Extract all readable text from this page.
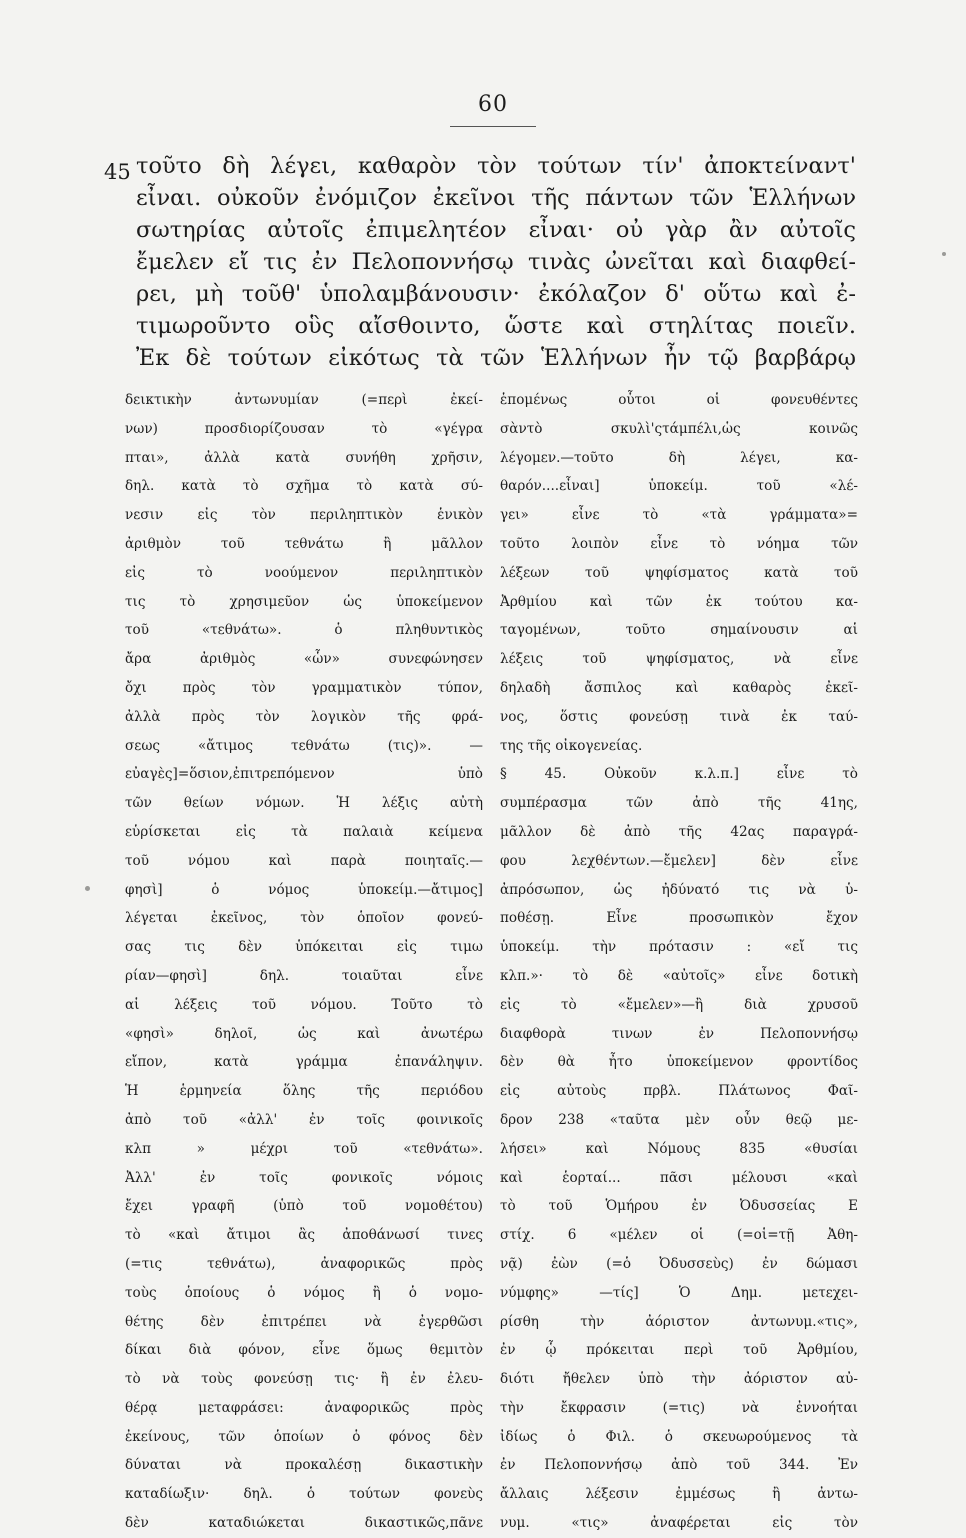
60
45 τοῦτο δὴ λέγει, καθαρὸν τὸν τούτων τίν' ἀποκτείναντ'
εἶναι. οὐκοῦν ἐνόμιζον ἐκεῖνοι τῆς πάντων τῶν Ἑλλήνων
σωτηρίας αὐτοῖς ἐπιμελητέον εἶναι· οὐ γὰρ ἂν αὐτοῖς
ἔμελεν εἴ τις ἐν Πελοποννήσῳ τινὰς ὠνεῖται καὶ διαφθεί-
ρει, μὴ τοῦθ' ὑπολαμβάνουσιν· ἐκόλαζον δ' οὕτω καὶ ἐ-
τιμωροῦντο οὓς αἴσθοιντο, ὥστε καὶ στηλίτας ποιεῖν.
Ἐκ δὲ τούτων εἰκότως τὰ τῶν Ἑλλήνων ἦν τῷ βαρβάρῳ
δεικτικὴν ἀντωνυμίαν (=περὶ ἐκεί-
νων) προσδιορίζουσαν τὸ «γέγρα
πται», ἀλλὰ κατὰ συνήθη χρῆσιν,
δηλ. κατὰ τὸ σχῆμα τὸ κατὰ σύ-
νεσιν εἰς τὸν περιληπτικὸν ἑνικὸν
ἀριθμὸν τοῦ τεθνάτω ἢ μᾶλλον
εἰς τὸ νοούμενον περιληπτικὸν
τις τὸ χρησιμεῦον ὡς ὑποκείμενον
τοῦ «τεθνάτω». ὁ πληθυντικὸς
ἄρα ἀριθμὸς «ὧν» συνεφώνησεν
ὄχι πρὸς τὸν γραμματικὸν τύπον,
ἀλλὰ πρὸς τὸν λογικὸν τῆς φρά-
σεως «ἄτιμος τεθνάτω (τις)». —
εὐαγὲς]=ὅσιον,ἐπιτρεπόμενον ὑπὸ
τῶν θείων νόμων. Ἡ λέξις αὐτὴ
εὑρίσκεται εἰς τὰ παλαιὰ κείμενα
τοῦ νόμου καὶ παρὰ ποιηταῖς.—
φησὶ] ὁ νόμος ὑποκείμ.—ἄτιμος]
λέγεται ἐκεῖνος, τὸν ὁποῖον φονεύ-
σας τις δὲν ὑπόκειται εἰς τιμω
ρίαν—φησὶ] δηλ. τοιαῦται εἶνε
αἱ λέξεις τοῦ νόμου. Τοῦτο τὸ
«φησὶ» δηλοῖ, ὡς καὶ ἀνωτέρω
εἴπον, κατὰ γράμμα ἐπανάληψιν.
Ἡ ἑρμηνεία ὅλης τῆς περιόδου
ἀπὸ τοῦ «ἀλλ' ἐν τοῖς φοινικοῖς
κλπ » μέχρι τοῦ «τεθνάτω».
Ἀλλ' ἐν τοῖς φονικοῖς νόμοις
ἔχει γραφῆ (ὑπὸ τοῦ νομοθέτου)
τὸ «καὶ ἄτιμοι ἂς ἀποθάνωσί τινες
(=τις τεθνάτω), ἀναφορικῶς πρὸς
τοὺς ὁποίους ὁ νόμος ἢ ὁ νομο-
θέτης δὲν ἐπιτρέπει νὰ ἐγερθῶσι
δίκαι διὰ φόνον, εἶνε ὅμως θεμιτὸν
τὸ νὰ τοὺς φονεύσῃ τις· ἢ ἐν ἐλευ-
θέρᾳ μεταφράσει: ἀναφορικῶς πρὸς
ἐκείνους, τῶν ὁποίων ὁ φόνος δὲν
δύναται νὰ προκαλέσῃ δικαστικὴν
καταδίωξιν· δηλ. ὁ τούτων φονεὺς
δὲν καταδιώκεται δικαστικῶς,πᾶνε
ἑπομένως οὗτοι οἱ φονευθέντες
σὰντὸ σκυλὶ'ςτάμπέλι,ὡς κοινῶς
λέγομεν.—τοῦτο δὴ λέγει, κα-
θαρόν....εἶναι] ὑποκείμ. τοῦ «λέ-
γει» εἶνε τὸ «τὰ γράμματα»=
τοῦτο λοιπὸν εἶνε τὸ νόημα τῶν
λέξεων τοῦ ψηφίσματος κατὰ τοῦ
Ἀρθμίου καὶ τῶν ἐκ τούτου κα-
ταγομένων, τοῦτο σημαίνουσιν αἱ
λέξεις τοῦ ψηφίσματος, νὰ εἶνε
δηλαδὴ ἄσπιλος καὶ καθαρὸς ἐκεῖ-
νος, ὅστις φονεύσῃ τινὰ ἐκ ταύ-
της τῆς οἰκογενείας.
§ 45. Οὐκοῦν κ.λ.π.] εἶνε τὸ
συμπέρασμα τῶν ἀπὸ τῆς 41ης,
μᾶλλον δὲ ἀπὸ τῆς 42ας παραγρά-
φου λεχθέντων.—ἔμελεν] δὲν εἶνε
ἀπρόσωπον, ὡς ἠδύνατό τις νὰ ὑ-
ποθέσῃ. Εἶνε προσωπικὸν ἔχον
ὑποκείμ. τὴν πρότασιν : «εἴ τις
κλπ.»· τὸ δὲ «αὐτοῖς» εἶνε δοτικὴ
εἰς τὸ «ἔμελεν»—ἢ διὰ χρυσοῦ
διαφθορὰ τινων ἐν Πελοποννήσῳ
δὲν θὰ ἦτο ὑποκείμενον φροντίδος
εἰς αὐτοὺς πρβλ. Πλάτωνος Φαῖ-
δρον 238 «ταῦτα μὲν οὖν θεῷ με-
λήσει» καὶ Νόμους 835 «θυσίαι
καὶ ἑορταί... πᾶσι μέλουσι «καὶ
τὸ τοῦ Ὁμήρου ἐν Ὀδυσσείας Ε
στίχ. 6 «μέλεν οἱ (=οἱ=τῇ Ἀθη-
νᾷ) ἐὼν (=ὁ Ὀδυσσεὺς) ἐν δώμασι
νύμφης» —τίς] Ὁ Δημ. μετεχει-
ρίσθη τὴν ἀόριστον ἀντωνυμ.«τις»,
ἐν ᾧ πρόκειται περὶ τοῦ Ἀρθμίου,
διότι ἤθελεν ὑπὸ τὴν ἀόριστον αὐ-
τὴν ἔκφρασιν (=τις) νὰ ἐννοήται
ἰδίως ὁ Φιλ. ὁ σκευωρούμενος τὰ
ἐν Πελοποννήσῳ ἀπὸ τοῦ 344. Ἐν
ἄλλαις λέξεσιν ἐμμέσως ἢ ἀντω-
νυμ. «τις» ἀναφέρεται εἰς τὸν
